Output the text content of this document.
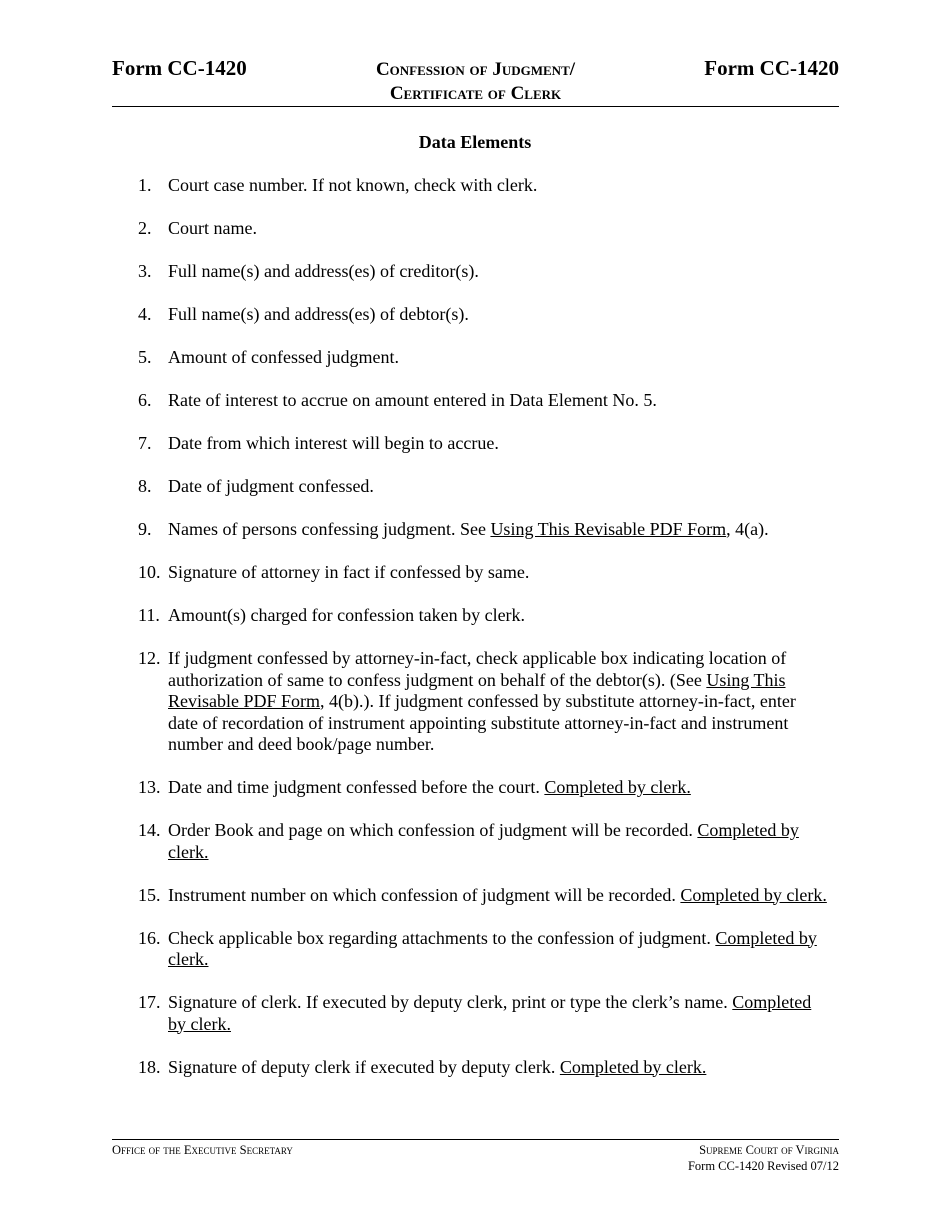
Form CC-1420	Confession of Judgment/
Certificate of Clerk
Form CC-1420
Data Elements
1. Court case number. If not known, check with clerk.
2. Court name.
3. Full name(s) and address(es) of creditor(s).
4. Full name(s) and address(es) of debtor(s).
5. Amount of confessed judgment.
6. Rate of interest to accrue on amount entered in Data Element No. 5.
7. Date from which interest will begin to accrue.
8. Date of judgment confessed.
9. Names of persons confessing judgment. See Using This Revisable PDF Form, 4(a).
10. Signature of attorney in fact if confessed by same.
11. Amount(s) charged for confession taken by clerk.
12. If judgment confessed by attorney-in-fact, check applicable box indicating location of authorization of same to confess judgment on behalf of the debtor(s). (See Using This Revisable PDF Form, 4(b).). If judgment confessed by substitute attorney-in-fact, enter date of recordation of instrument appointing substitute attorney-in-fact and instrument number and deed book/page number.
13. Date and time judgment confessed before the court. Completed by clerk.
14. Order Book and page on which confession of judgment will be recorded. Completed by clerk.
15. Instrument number on which confession of judgment will be recorded. Completed by clerk.
16. Check applicable box regarding attachments to the confession of judgment. Completed by clerk.
17. Signature of clerk. If executed by deputy clerk, print or type the clerk’s name. Completed by clerk.
18. Signature of deputy clerk if executed by deputy clerk. Completed by clerk.
Office of the Executive Secretary	Supreme Court of Virginia
Form CC-1420 Revised 07/12
